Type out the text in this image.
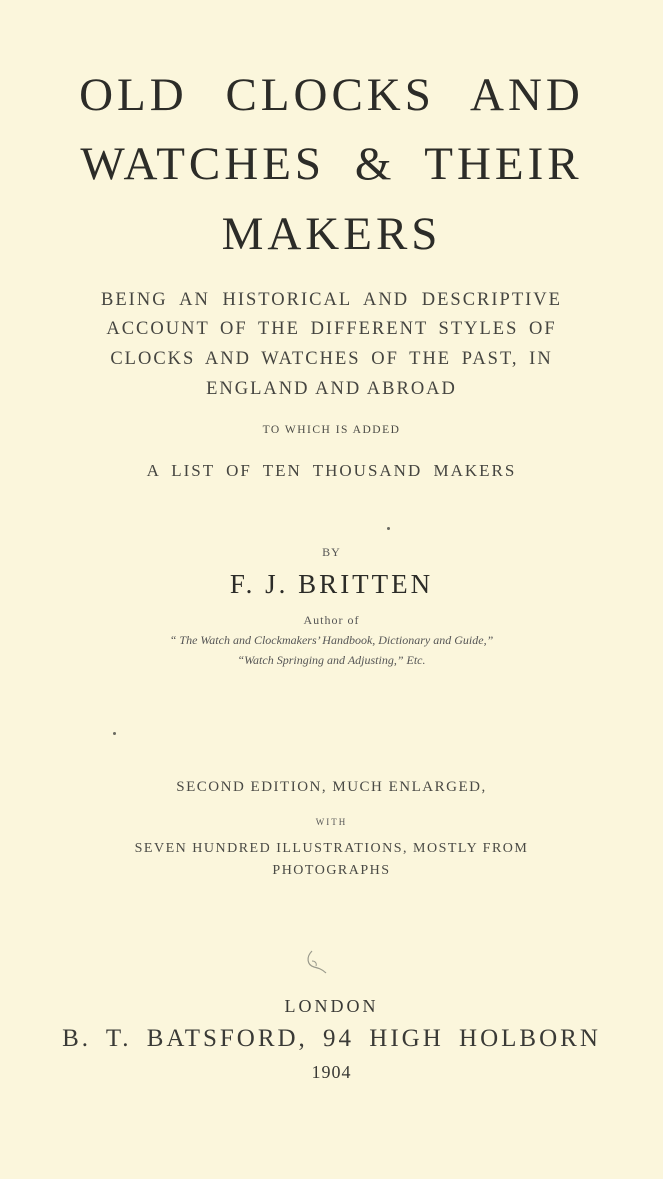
OLD CLOCKS AND
WATCHES & THEIR
MAKERS
BEING AN HISTORICAL AND DESCRIPTIVE
ACCOUNT OF THE DIFFERENT STYLES OF
CLOCKS AND WATCHES OF THE PAST, IN
ENGLAND AND ABROAD
TO WHICH IS ADDED
A LIST OF TEN THOUSAND MAKERS
BY
F. J. BRITTEN
Author of
“ The Watch and Clockmakers’ Handbook, Dictionary and Guide,”
“Watch Springing and Adjusting,” Etc.
SECOND EDITION, MUCH ENLARGED,
WITH
SEVEN HUNDRED ILLUSTRATIONS, MOSTLY FROM
PHOTOGRAPHS
LONDON
B. T. BATSFORD, 94 HIGH HOLBORN
1904
